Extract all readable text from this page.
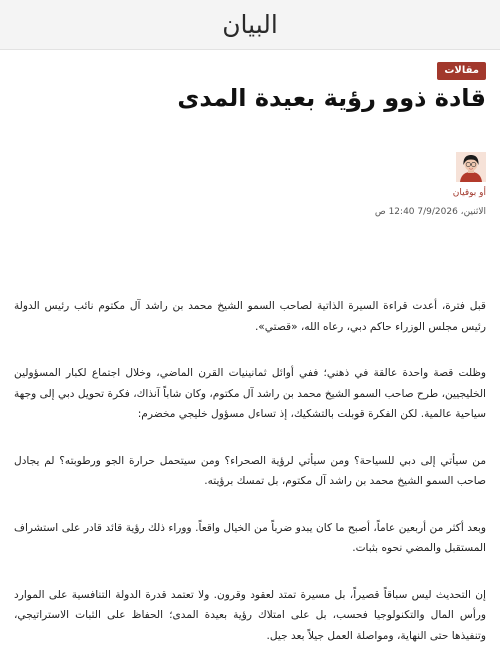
البيان
مقالات
قادة ذوو رؤية بعيدة المدى
أو بوقيان
الاثنين، 7/9/2026 12:40 ص

قبل فترة، أعدت قراءة السيرة الذاتية لصاحب السمو الشيخ محمد بن راشد آل مكتوم نائب رئيس الدولة رئيس مجلس الوزراء حاكم دبي، رعاه الله، «قصتي».

وظلت قصة واحدة عالقة في ذهني؛ ففي أوائل ثمانينيات القرن الماضي، وخلال اجتماع لكبار المسؤولين الخليجيين، طرح صاحب السمو الشيخ محمد بن راشد آل مكتوم، وكان شاباً آنذاك، فكرة تحويل دبي إلى وجهة سياحية عالمية. لكن الفكرة قوبلت بالتشكيك، إذ تساءل مسؤول خليجي مخضرم:

من سيأتي إلى دبي للسياحة؟ ومن سيأتي لرؤية الصحراء؟ ومن سيتحمل حرارة الجو ورطوبته؟ لم يجادل صاحب السمو الشيخ محمد بن راشد آل مكتوم، بل تمسك برؤيته.

وبعد أكثر من أربعين عاماً، أصبح ما كان يبدو ضرباً من الخيال واقعاً. ووراء ذلك رؤية قائد قادر على استشراف المستقبل والمضي نحوه بثبات.

إن التحديث ليس سباقاً قصيراً، بل مسيرة تمتد لعقود وقرون. ولا تعتمد قدرة الدولة التنافسية على الموارد ورأس المال والتكنولوجيا فحسب، بل على امتلاك رؤية بعيدة المدى؛ الحفاظ على الثبات الاستراتيجي، وتنفيذها حتى النهاية، ومواصلة العمل جيلاً بعد جيل.
